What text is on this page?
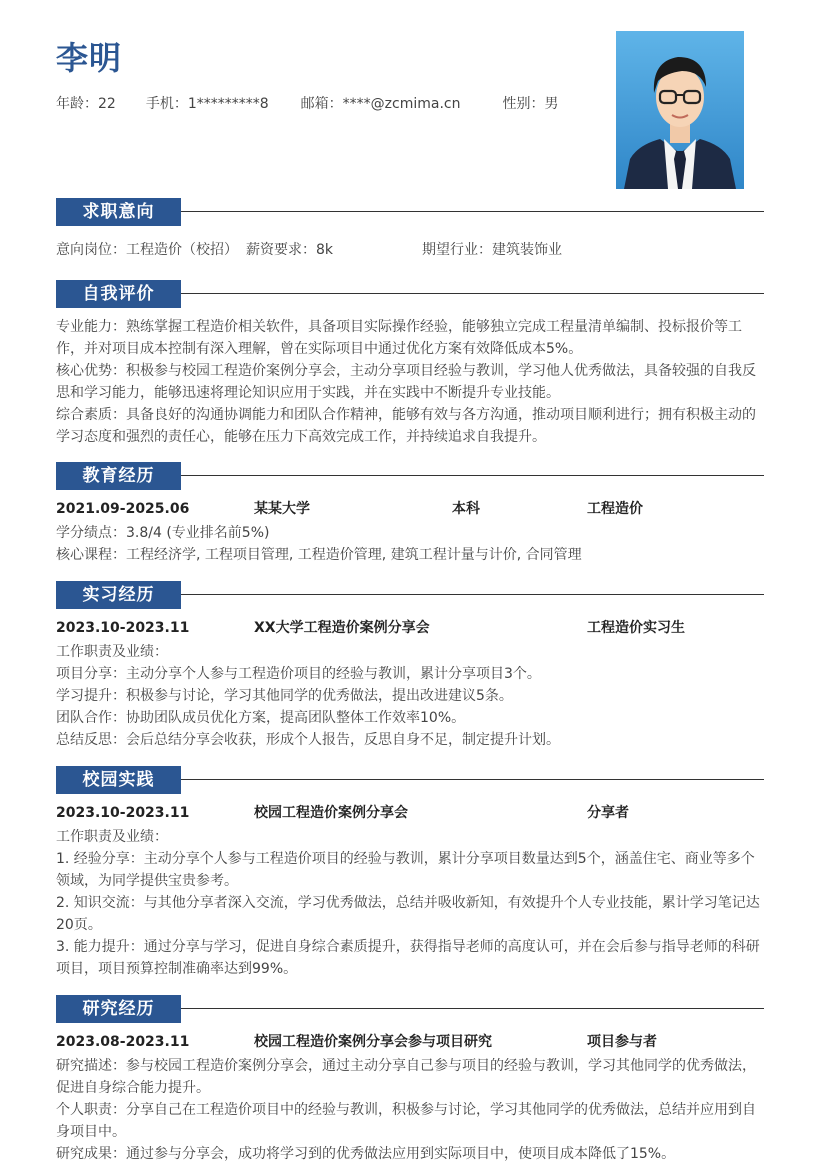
李明
年龄：22 手机：1*********8 邮箱：****@zcmima.cn	性别：男
求职意向
意向岗位：工程造价（校招） 薪资要求：8k	期望行业：建筑装饰业
自我评价

专业能力：熟练掌握工程造价相关软件，具备项目实际操作经验，能够独立完成工程量清单编制、投标报价等工作，并对项目成本控制有深入理解，曾在实际项目中通过优化方案有效降低成本5%。

核心优势：积极参与校园工程造价案例分享会，主动分享项目经验与教训，学习他人优秀做法，具备较强的自我反思和学习能力，能够迅速将理论知识应用于实践，并在实践中不断提升专业技能。

综合素质：具备良好的沟通协调能力和团队合作精神，能够有效与各方沟通，推动项目顺利进行；拥有积极主动的学习态度和强烈的责任心，能够在压力下高效完成工作，并持续追求自我提升。

教育经历
2021.09-2025.06	某某大学	本科	工程造价

学分绩点：3.8/4 (专业排名前5%)

核心课程：工程经济学, 工程项目管理, 工程造价管理, 建筑工程计量与计价, 合同管理

实习经历
2023.10-2023.11	XX大学工程造价案例分享会	工程造价实习生

工作职责及业绩：

项目分享：主动分享个人参与工程造价项目的经验与教训，累计分享项目3个。

学习提升：积极参与讨论，学习其他同学的优秀做法，提出改进建议5条。

团队合作：协助团队成员优化方案，提高团队整体工作效率10%。

总结反思：会后总结分享会收获，形成个人报告，反思自身不足，制定提升计划。

校园实践
2023.10-2023.11	校园工程造价案例分享会	分享者

工作职责及业绩：

1. 经验分享：主动分享个人参与工程造价项目的经验与教训，累计分享项目数量达到5个，涵盖住宅、商业等多个领域，为同学提供宝贵参考。

2. 知识交流：与其他分享者深入交流，学习优秀做法，总结并吸收新知，有效提升个人专业技能，累计学习笔记达20页。

3. 能力提升：通过分享与学习，促进自身综合素质提升，获得指导老师的高度认可，并在会后参与指导老师的科研项目，项目预算控制准确率达到99%。

研究经历
2023.08-2023.11	校园工程造价案例分享会参与项目研究	项目参与者

研究描述：参与校园工程造价案例分享会，通过主动分享自己参与项目的经验与教训，学习其他同学的优秀做法，促进自身综合能力提升。

个人职责：分享自己在工程造价项目中的经验与教训，积极参与讨论，学习其他同学的优秀做法，总结并应用到自身项目中。

研究成果：通过参与分享会，成功将学习到的优秀做法应用到实际项目中，使项目成本降低了15%。
